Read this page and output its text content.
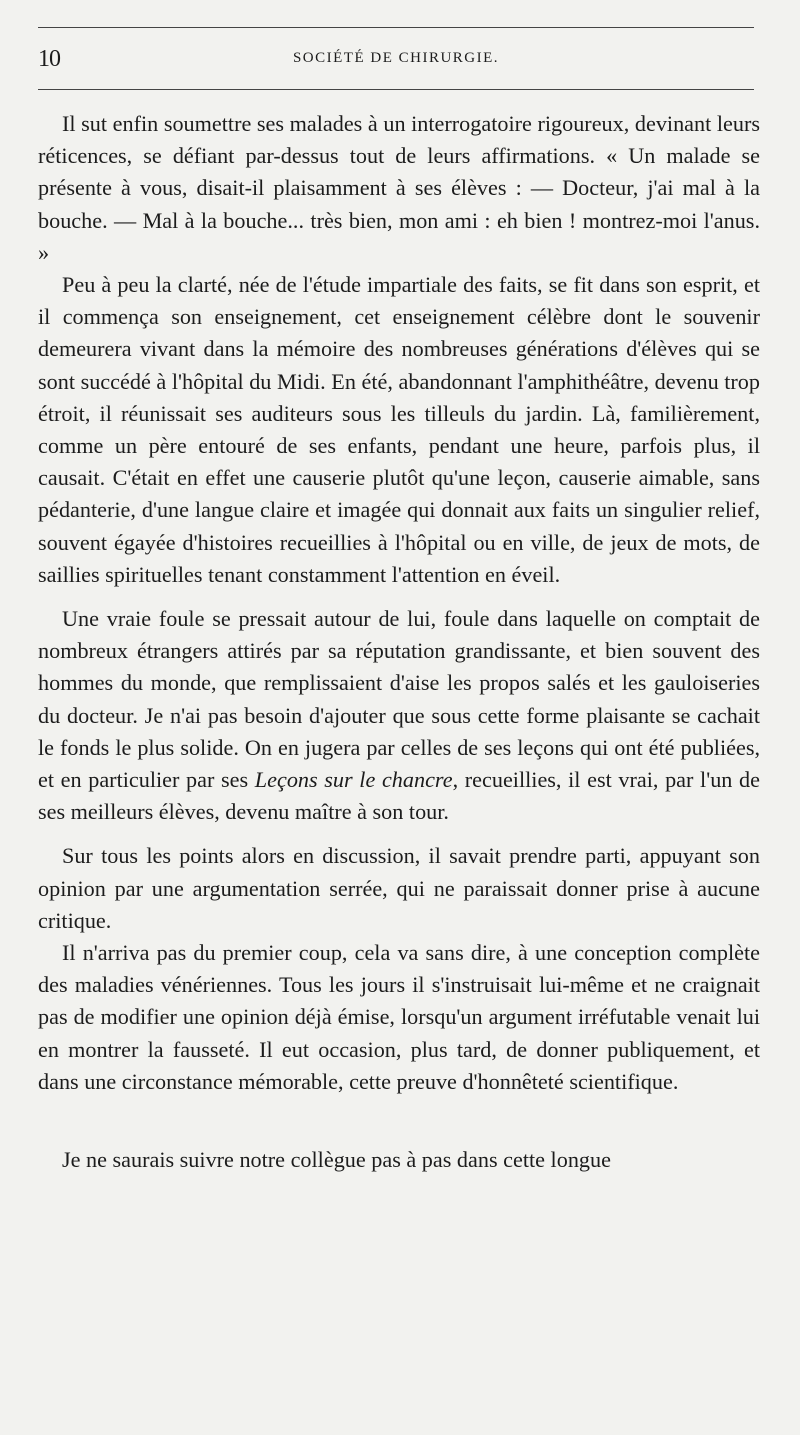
10	SOCIÉTÉ DE CHIRURGIE.

Il sut enfin soumettre ses malades à un interrogatoire rigoureux, devinant leurs réticences, se défiant par-dessus tout de leurs affirmations. « Un malade se présente à vous, disait-il plaisamment à ses élèves : — Docteur, j'ai mal à la bouche. — Mal à la bouche... très bien, mon ami : eh bien ! montrez-moi l'anus. »

Peu à peu la clarté, née de l'étude impartiale des faits, se fit dans son esprit, et il commença son enseignement, cet enseignement célèbre dont le souvenir demeurera vivant dans la mémoire des nombreuses générations d'élèves qui se sont succédé à l'hôpital du Midi. En été, abandonnant l'amphithéâtre, devenu trop étroit, il réunissait ses auditeurs sous les tilleuls du jardin. Là, familièrement, comme un père entouré de ses enfants, pendant une heure, parfois plus, il causait. C'était en effet une causerie plutôt qu'une leçon, causerie aimable, sans pédanterie, d'une langue claire et imagée qui donnait aux faits un singulier relief, souvent égayée d'histoires recueillies à l'hôpital ou en ville, de jeux de mots, de saillies spirituelles tenant constamment l'attention en éveil.

Une vraie foule se pressait autour de lui, foule dans laquelle on comptait de nombreux étrangers attirés par sa réputation grandissante, et bien souvent des hommes du monde, que remplissaient d'aise les propos salés et les gauloiseries du docteur. Je n'ai pas besoin d'ajouter que sous cette forme plaisante se cachait le fonds le plus solide. On en jugera par celles de ses leçons qui ont été publiées, et en particulier par ses Leçons sur le chancre, recueillies, il est vrai, par l'un de ses meilleurs élèves, devenu maître à son tour.

Sur tous les points alors en discussion, il savait prendre parti, appuyant son opinion par une argumentation serrée, qui ne paraissait donner prise à aucune critique.

Il n'arriva pas du premier coup, cela va sans dire, à une conception complète des maladies vénériennes. Tous les jours il s'instruisait lui-même et ne craignait pas de modifier une opinion déjà émise, lorsqu'un argument irréfutable venait lui en montrer la fausseté. Il eut occasion, plus tard, de donner publiquement, et dans une circonstance mémorable, cette preuve d'honnêteté scientifique.

Je ne saurais suivre notre collègue pas à pas dans cette longue
